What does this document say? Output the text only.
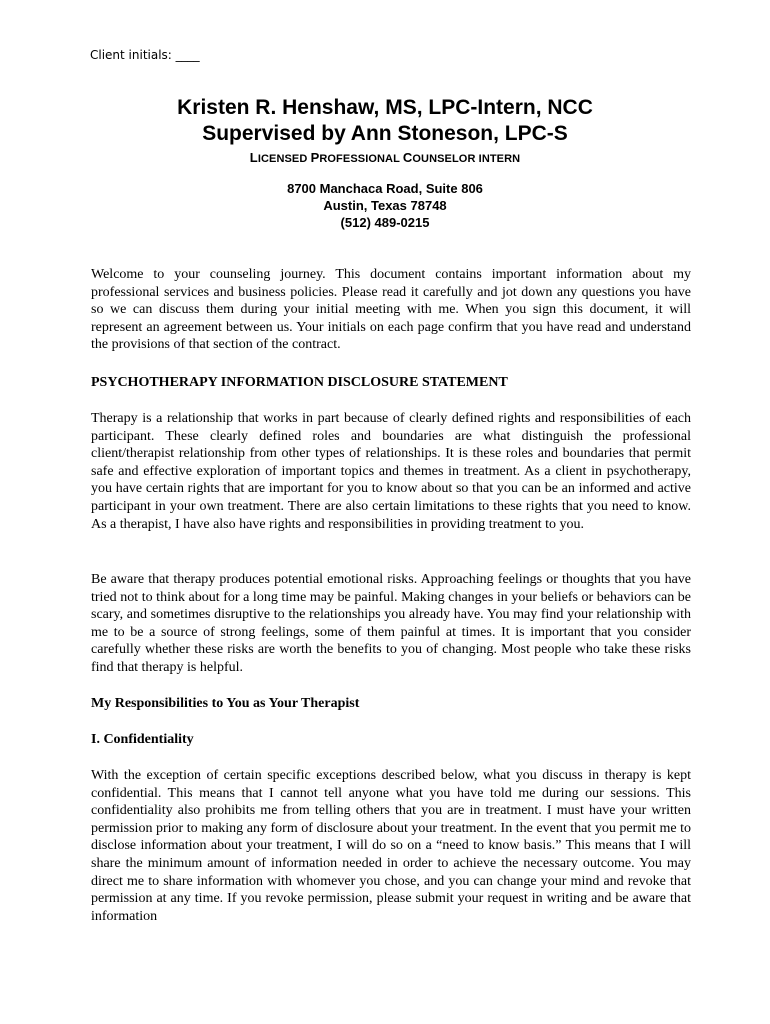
Client initials: ____
Kristen R. Henshaw, MS, LPC-Intern, NCC
Supervised by Ann Stoneson, LPC-S
LICENSED PROFESSIONAL COUNSELOR INTERN
8700 Manchaca Road, Suite 806
Austin, Texas 78748
(512) 489-0215

Welcome to your counseling journey. This document contains important information about my professional services and business policies. Please read it carefully and jot down any questions you have so we can discuss them during your initial meeting with me. When you sign this document, it will represent an agreement between us. Your initials on each page confirm that you have read and understand the provisions of that section of the contract.

PSYCHOTHERAPY INFORMATION DISCLOSURE STATEMENT

Therapy is a relationship that works in part because of clearly defined rights and responsibilities of each participant. These clearly defined roles and boundaries are what distinguish the professional client/therapist relationship from other types of relationships. It is these roles and boundaries that permit safe and effective exploration of important topics and themes in treatment. As a client in psychotherapy, you have certain rights that are important for you to know about so that you can be an informed and active participant in your own treatment. There are also certain limitations to these rights that you need to know. As a therapist, I have also have rights and responsibilities in providing treatment to you.

Be aware that therapy produces potential emotional risks. Approaching feelings or thoughts that you have tried not to think about for a long time may be painful. Making changes in your beliefs or behaviors can be scary, and sometimes disruptive to the relationships you already have. You may find your relationship with me to be a source of strong feelings, some of them painful at times. It is important that you consider carefully whether these risks are worth the benefits to you of changing. Most people who take these risks find that therapy is helpful.

My Responsibilities to You as Your Therapist

I. Confidentiality

With the exception of certain specific exceptions described below, what you discuss in therapy is kept confidential. This means that I cannot tell anyone what you have told me during our sessions. This confidentiality also prohibits me from telling others that you are in treatment. I must have your written permission prior to making any form of disclosure about your treatment. In the event that you permit me to disclose information about your treatment, I will do so on a “need to know basis.” This means that I will share the minimum amount of information needed in order to achieve the necessary outcome. You may direct me to share information with whomever you chose, and you can change your mind and revoke that permission at any time. If you revoke permission, please submit your request in writing and be aware that information
